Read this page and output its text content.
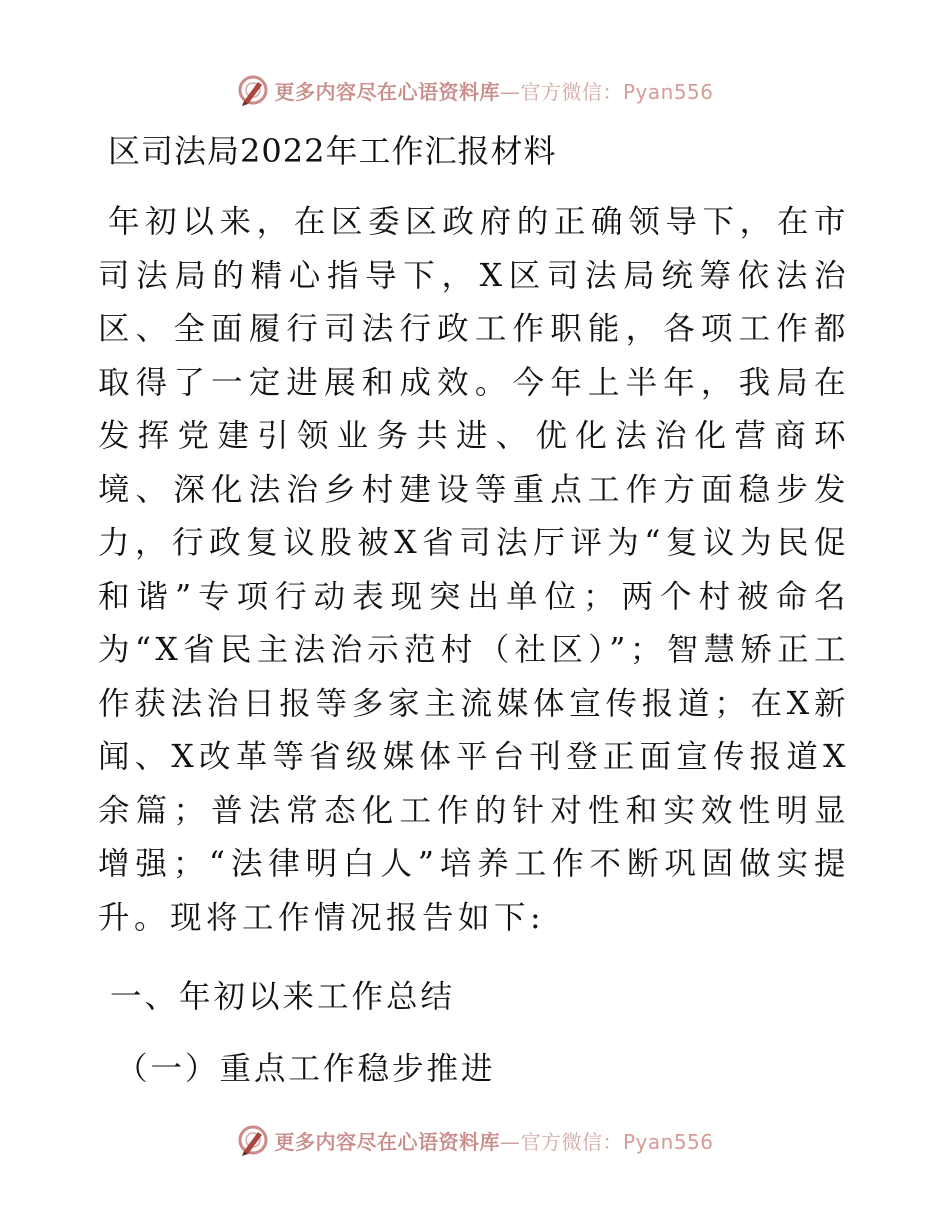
更多内容尽在心语资料库—官方微信：Pyan556
区司法局2022年工作汇报材料

年初以来，在区委区政府的正确领导下，在市司法局的精心指导下，X区司法局统筹依法治区、全面履行司法行政工作职能，各项工作都取得了一定进展和成效。今年上半年，我局在发挥党建引领业务共进、优化法治化营商环境、深化法治乡村建设等重点工作方面稳步发力，行政复议股被X省司法厅评为“复议为民促和谐”专项行动表现突出单位；两个村被命名为“X省民主法治示范村（社区）”；智慧矫正工作获法治日报等多家主流媒体宣传报道；在X新闻、X改革等省级媒体平台刊登正面宣传报道X余篇；普法常态化工作的针对性和实效性明显增强；“法律明白人”培养工作不断巩固做实提升。现将工作情况报告如下:

一、年初以来工作总结
（一）重点工作稳步推进
更多内容尽在心语资料库—官方微信：Pyan556
